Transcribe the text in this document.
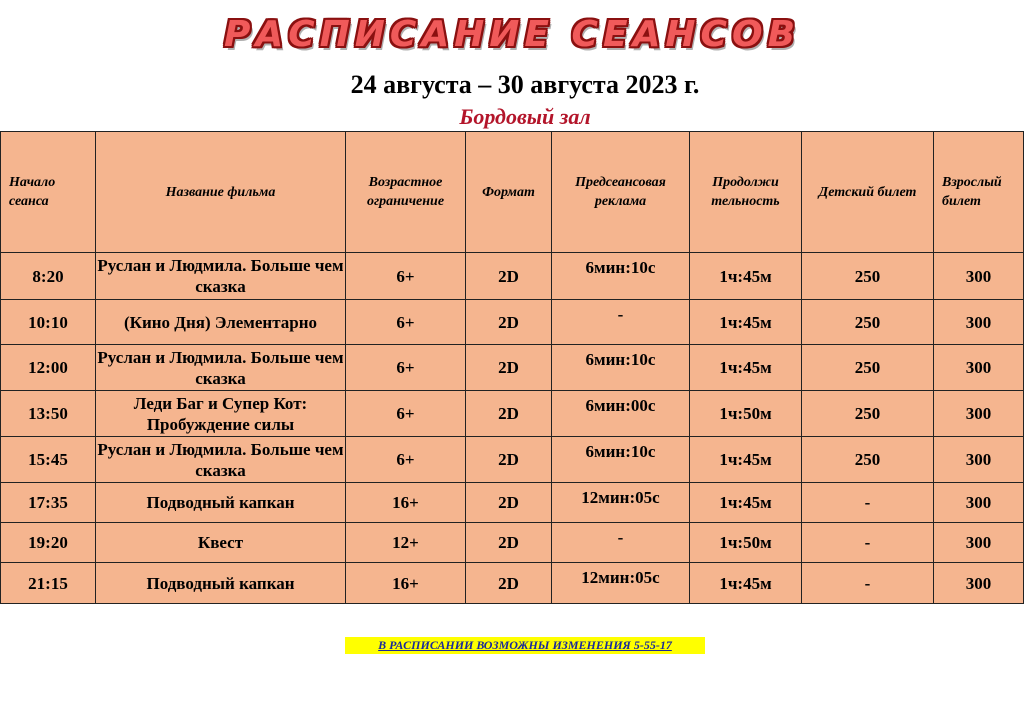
РАСПИСАНИЕ СЕАНСОВ
24 августа – 30 августа 2023 г.
Бордовый зал
Начало сеанса
8:20
10:10
12:00
13:50
15:45
17:35
19:20
21:15
Название фильма
Руслан и Людмила. Больше чем сказка
(Кино Дня) Элементарно
Руслан и Людмила. Больше чем сказка
Леди Баг и Супер Кот: Пробуждение силы
Руслан и Людмила. Больше чем сказка
Подводный капкан
Квест
Подводный капкан
Возрастное ограничение
6+
6+
6+
6+
6+
16+
12+
16+
Формат
2D
2D
2D
2D
2D
2D
2D
2D
Предсеансовая реклама
6мин:10с
-
6мин:10с
6мин:00с
6мин:10с
12мин:05с
-
12мин:05с
Продолжи тельность
1ч:45м
1ч:45м
1ч:45м
1ч:50м
1ч:45м
1ч:45м
1ч:50м
1ч:45м
Детский билет
250
250
250
250
250
-
-
-
Взрослый билет
300
300
300
300
300
300
300
300
В РАСПИСАНИИ ВОЗМОЖНЫ ИЗМЕНЕНИЯ 5-55-17
